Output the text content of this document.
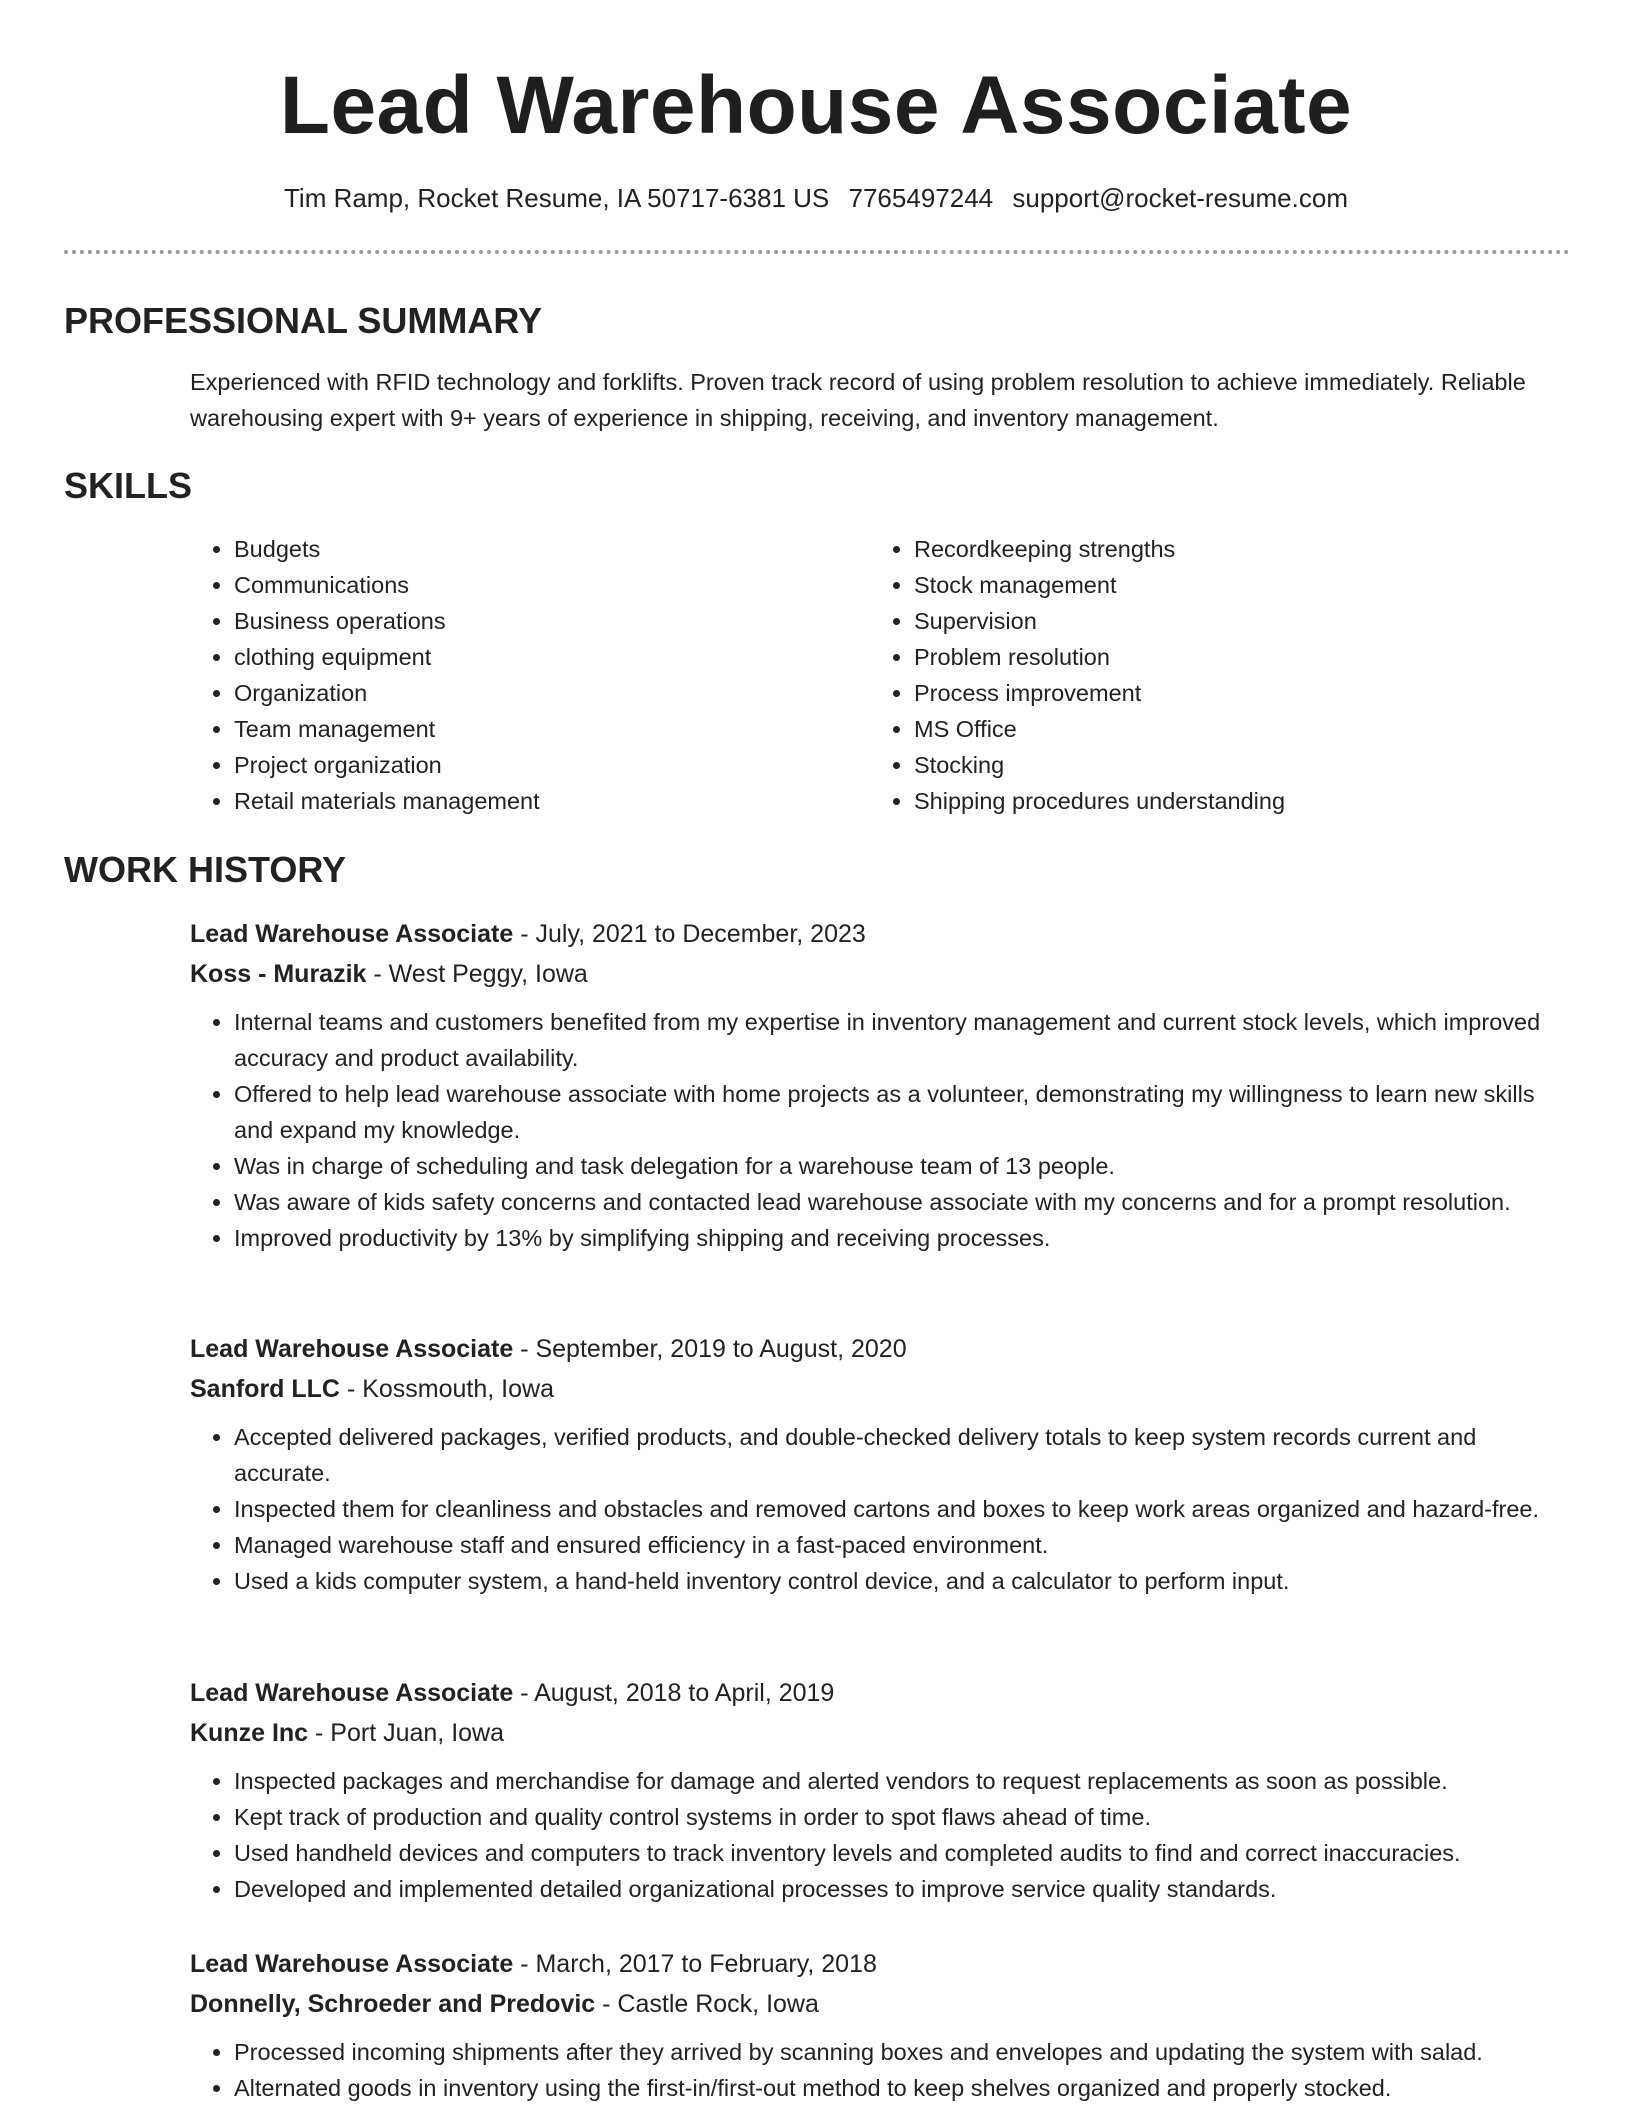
Lead Warehouse Associate
Tim Ramp, Rocket Resume, IA 50717-6381 US 7765497244 support@rocket-resume.com
PROFESSIONAL SUMMARY
Experienced with RFID technology and forklifts. Proven track record of using problem resolution to achieve immediately. Reliable warehousing expert with 9+ years of experience in shipping, receiving, and inventory management.
SKILLS
• Budgets
• Communications
• Business operations
• clothing equipment
• Organization
• Team management
• Project organization
• Retail materials management
• Recordkeeping strengths
• Stock management
• Supervision
• Problem resolution
• Process improvement
• MS Office
• Stocking
• Shipping procedures understanding
WORK HISTORY
Lead Warehouse Associate - July, 2021 to December, 2023
Koss - Murazik - West Peggy, Iowa
• Internal teams and customers benefited from my expertise in inventory management and current stock levels, which improved accuracy and product availability.
• Offered to help lead warehouse associate with home projects as a volunteer, demonstrating my willingness to learn new skills and expand my knowledge.
• Was in charge of scheduling and task delegation for a warehouse team of 13 people.
• Was aware of kids safety concerns and contacted lead warehouse associate with my concerns and for a prompt resolution.
• Improved productivity by 13% by simplifying shipping and receiving processes.
Lead Warehouse Associate - September, 2019 to August, 2020
Sanford LLC - Kossmouth, Iowa
• Accepted delivered packages, verified products, and double-checked delivery totals to keep system records current and accurate.
• Inspected them for cleanliness and obstacles and removed cartons and boxes to keep work areas organized and hazard-free.
• Managed warehouse staff and ensured efficiency in a fast-paced environment.
• Used a kids computer system, a hand-held inventory control device, and a calculator to perform input.
Lead Warehouse Associate - August, 2018 to April, 2019
Kunze Inc - Port Juan, Iowa
• Inspected packages and merchandise for damage and alerted vendors to request replacements as soon as possible.
• Kept track of production and quality control systems in order to spot flaws ahead of time.
• Used handheld devices and computers to track inventory levels and completed audits to find and correct inaccuracies.
• Developed and implemented detailed organizational processes to improve service quality standards.
Lead Warehouse Associate - March, 2017 to February, 2018
Donnelly, Schroeder and Predovic - Castle Rock, Iowa
• Processed incoming shipments after they arrived by scanning boxes and envelopes and updating the system with salad.
• Alternated goods in inventory using the first-in/first-out method to keep shelves organized and properly stocked.
